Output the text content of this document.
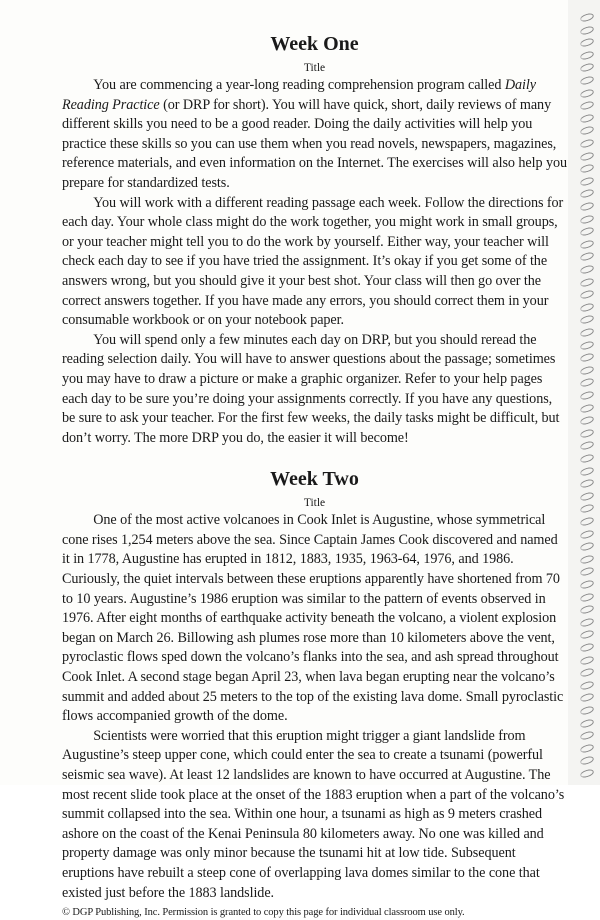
Week One
Title

You are commencing a year-long reading comprehension program called Daily Reading Practice (or DRP for short). You will have quick, short, daily reviews of many different skills you need to be a good reader. Doing the daily activities will help you practice these skills so you can use them when you read novels, newspapers, magazines, reference materials, and even information on the Internet. The exercises will also help you prepare for standardized tests.

You will work with a different reading passage each week. Follow the directions for each day. Your whole class might do the work together, you might work in small groups, or your teacher might tell you to do the work by yourself. Either way, your teacher will check each day to see if you have tried the assignment. It’s okay if you get some of the answers wrong, but you should give it your best shot. Your class will then go over the correct answers together. If you have made any errors, you should correct them in your consumable workbook or on your notebook paper.

You will spend only a few minutes each day on DRP, but you should reread the reading selection daily. You will have to answer questions about the passage; sometimes you may have to draw a picture or make a graphic organizer. Refer to your help pages each day to be sure you’re doing your assignments correctly. If you have any questions, be sure to ask your teacher. For the first few weeks, the daily tasks might be difficult, but don’t worry. The more DRP you do, the easier it will become!

Week Two
Title

One of the most active volcanoes in Cook Inlet is Augustine, whose symmetrical cone rises 1,254 meters above the sea. Since Captain James Cook discovered and named it in 1778, Augustine has erupted in 1812, 1883, 1935, 1963-64, 1976, and 1986. Curiously, the quiet intervals between these eruptions apparently have shortened from 70 to 10 years. Augustine’s 1986 eruption was similar to the pattern of events observed in 1976. After eight months of earthquake activity beneath the volcano, a violent explosion began on March 26. Billowing ash plumes rose more than 10 kilometers above the vent, pyroclastic flows sped down the volcano’s flanks into the sea, and ash spread throughout Cook Inlet. A second stage began April 23, when lava began erupting near the volcano’s summit and added about 25 meters to the top of the existing lava dome. Small pyroclastic flows accompanied growth of the dome.

Scientists were worried that this eruption might trigger a giant landslide from Augustine’s steep upper cone, which could enter the sea to create a tsunami (powerful seismic sea wave). At least 12 landslides are known to have occurred at Augustine. The most recent slide took place at the onset of the 1883 eruption when a part of the volcano’s summit collapsed into the sea. Within one hour, a tsunami as high as 9 meters crashed ashore on the coast of the Kenai Peninsula 80 kilometers away. No one was killed and property damage was only minor because the tsunami hit at low tide. Subsequent eruptions have rebuilt a steep cone of overlapping lava domes similar to the cone that existed just before the 1883 landslide.

© DGP Publishing, Inc. Permission is granted to copy this page for individual classroom use only.
